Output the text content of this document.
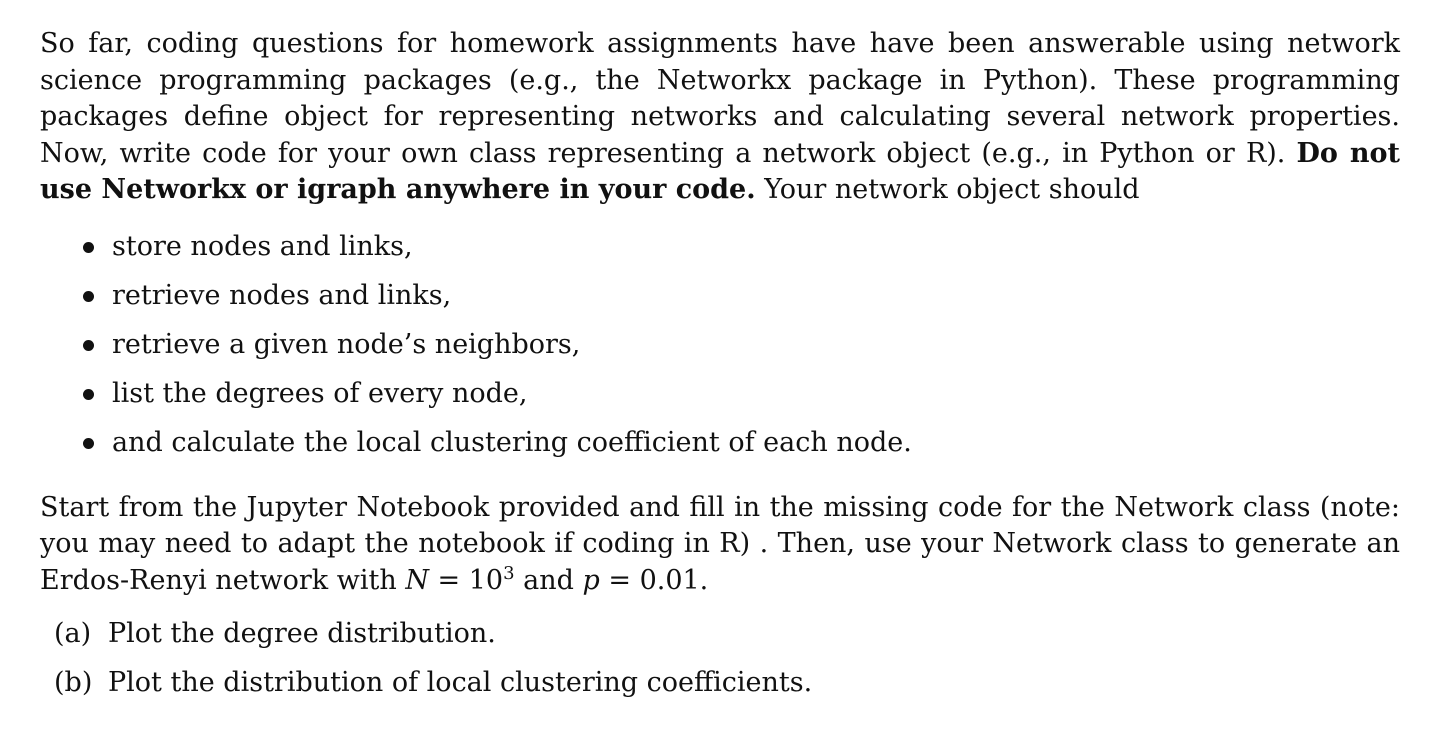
So far, coding questions for homework assignments have have been answerable using network science programming packages (e.g., the Networkx package in Python). These programming packages define object for representing networks and calculating several network properties. Now, write code for your own class representing a network object (e.g., in Python or R). Do not use Networkx or igraph anywhere in your code. Your network object should

store nodes and links,
retrieve nodes and links,
retrieve a given node’s neighbors,
list the degrees of every node,
and calculate the local clustering coefficient of each node.

Start from the Jupyter Notebook provided and fill in the missing code for the Network class (note: you may need to adapt the notebook if coding in R) . Then, use your Network class to generate an Erdos-Renyi network with $N = 10^3$ and p = 0.01.

(a) Plot the degree distribution.
(b) Plot the distribution of local clustering coefficients.
